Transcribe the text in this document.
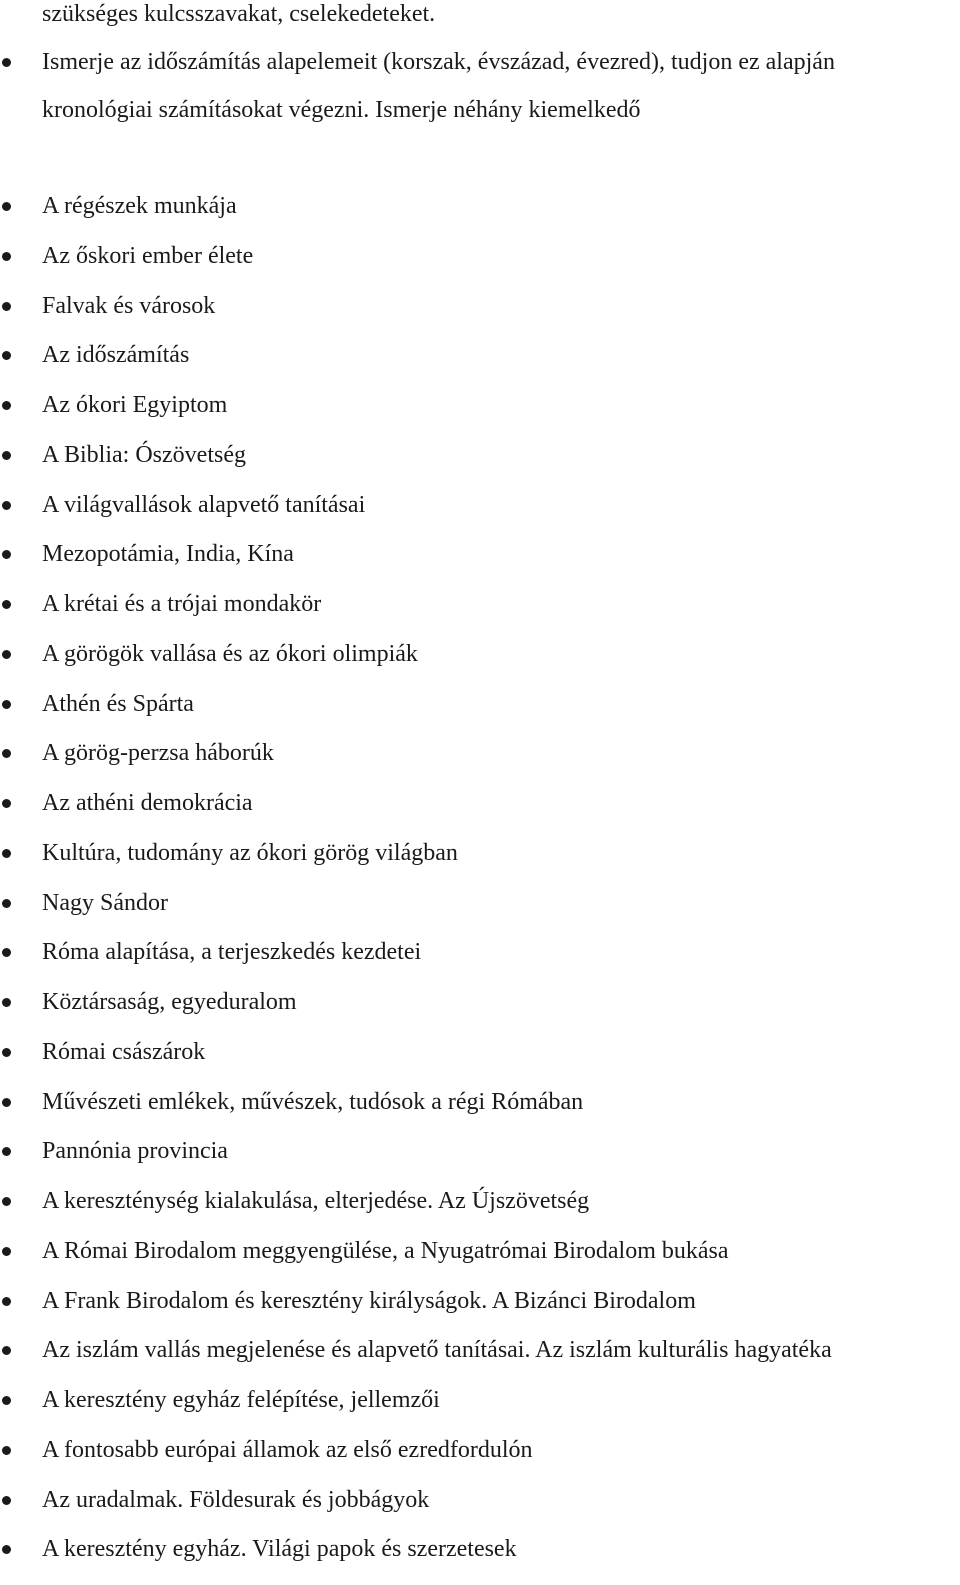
szükséges kulcsszavakat, cselekedeteket.
Ismerje az időszámítás alapelemeit (korszak, évszázad, évezred), tudjon ez alapján
kronológiai számításokat végezni. Ismerje néhány kiemelkedő
A régészek munkája
Az őskori ember élete
Falvak és városok
Az időszámítás
Az ókori Egyiptom
A Biblia: Ószövetség
A világvallások alapvető tanításai
Mezopotámia, India, Kína
A krétai és a trójai mondakör
A görögök vallása és az ókori olimpiák
Athén és Spárta
A görög-perzsa háborúk
Az athéni demokrácia
Kultúra, tudomány az ókori görög világban
Nagy Sándor
Róma alapítása, a terjeszkedés kezdetei
Köztársaság, egyeduralom
Római császárok
Művészeti emlékek, művészek, tudósok a régi Rómában
Pannónia provincia
A kereszténység kialakulása, elterjedése. Az Újszövetség
A Római Birodalom meggyengülése, a Nyugatrómai Birodalom bukása
A Frank Birodalom és keresztény királyságok. A Bizánci Birodalom
Az iszlám vallás megjelenése és alapvető tanításai. Az iszlám kulturális hagyatéka
A keresztény egyház felépítése, jellemzői
A fontosabb európai államok az első ezredfordulón
Az uradalmak. Földesurak és jobbágyok
A keresztény egyház. Világi papok és szerzetesek
